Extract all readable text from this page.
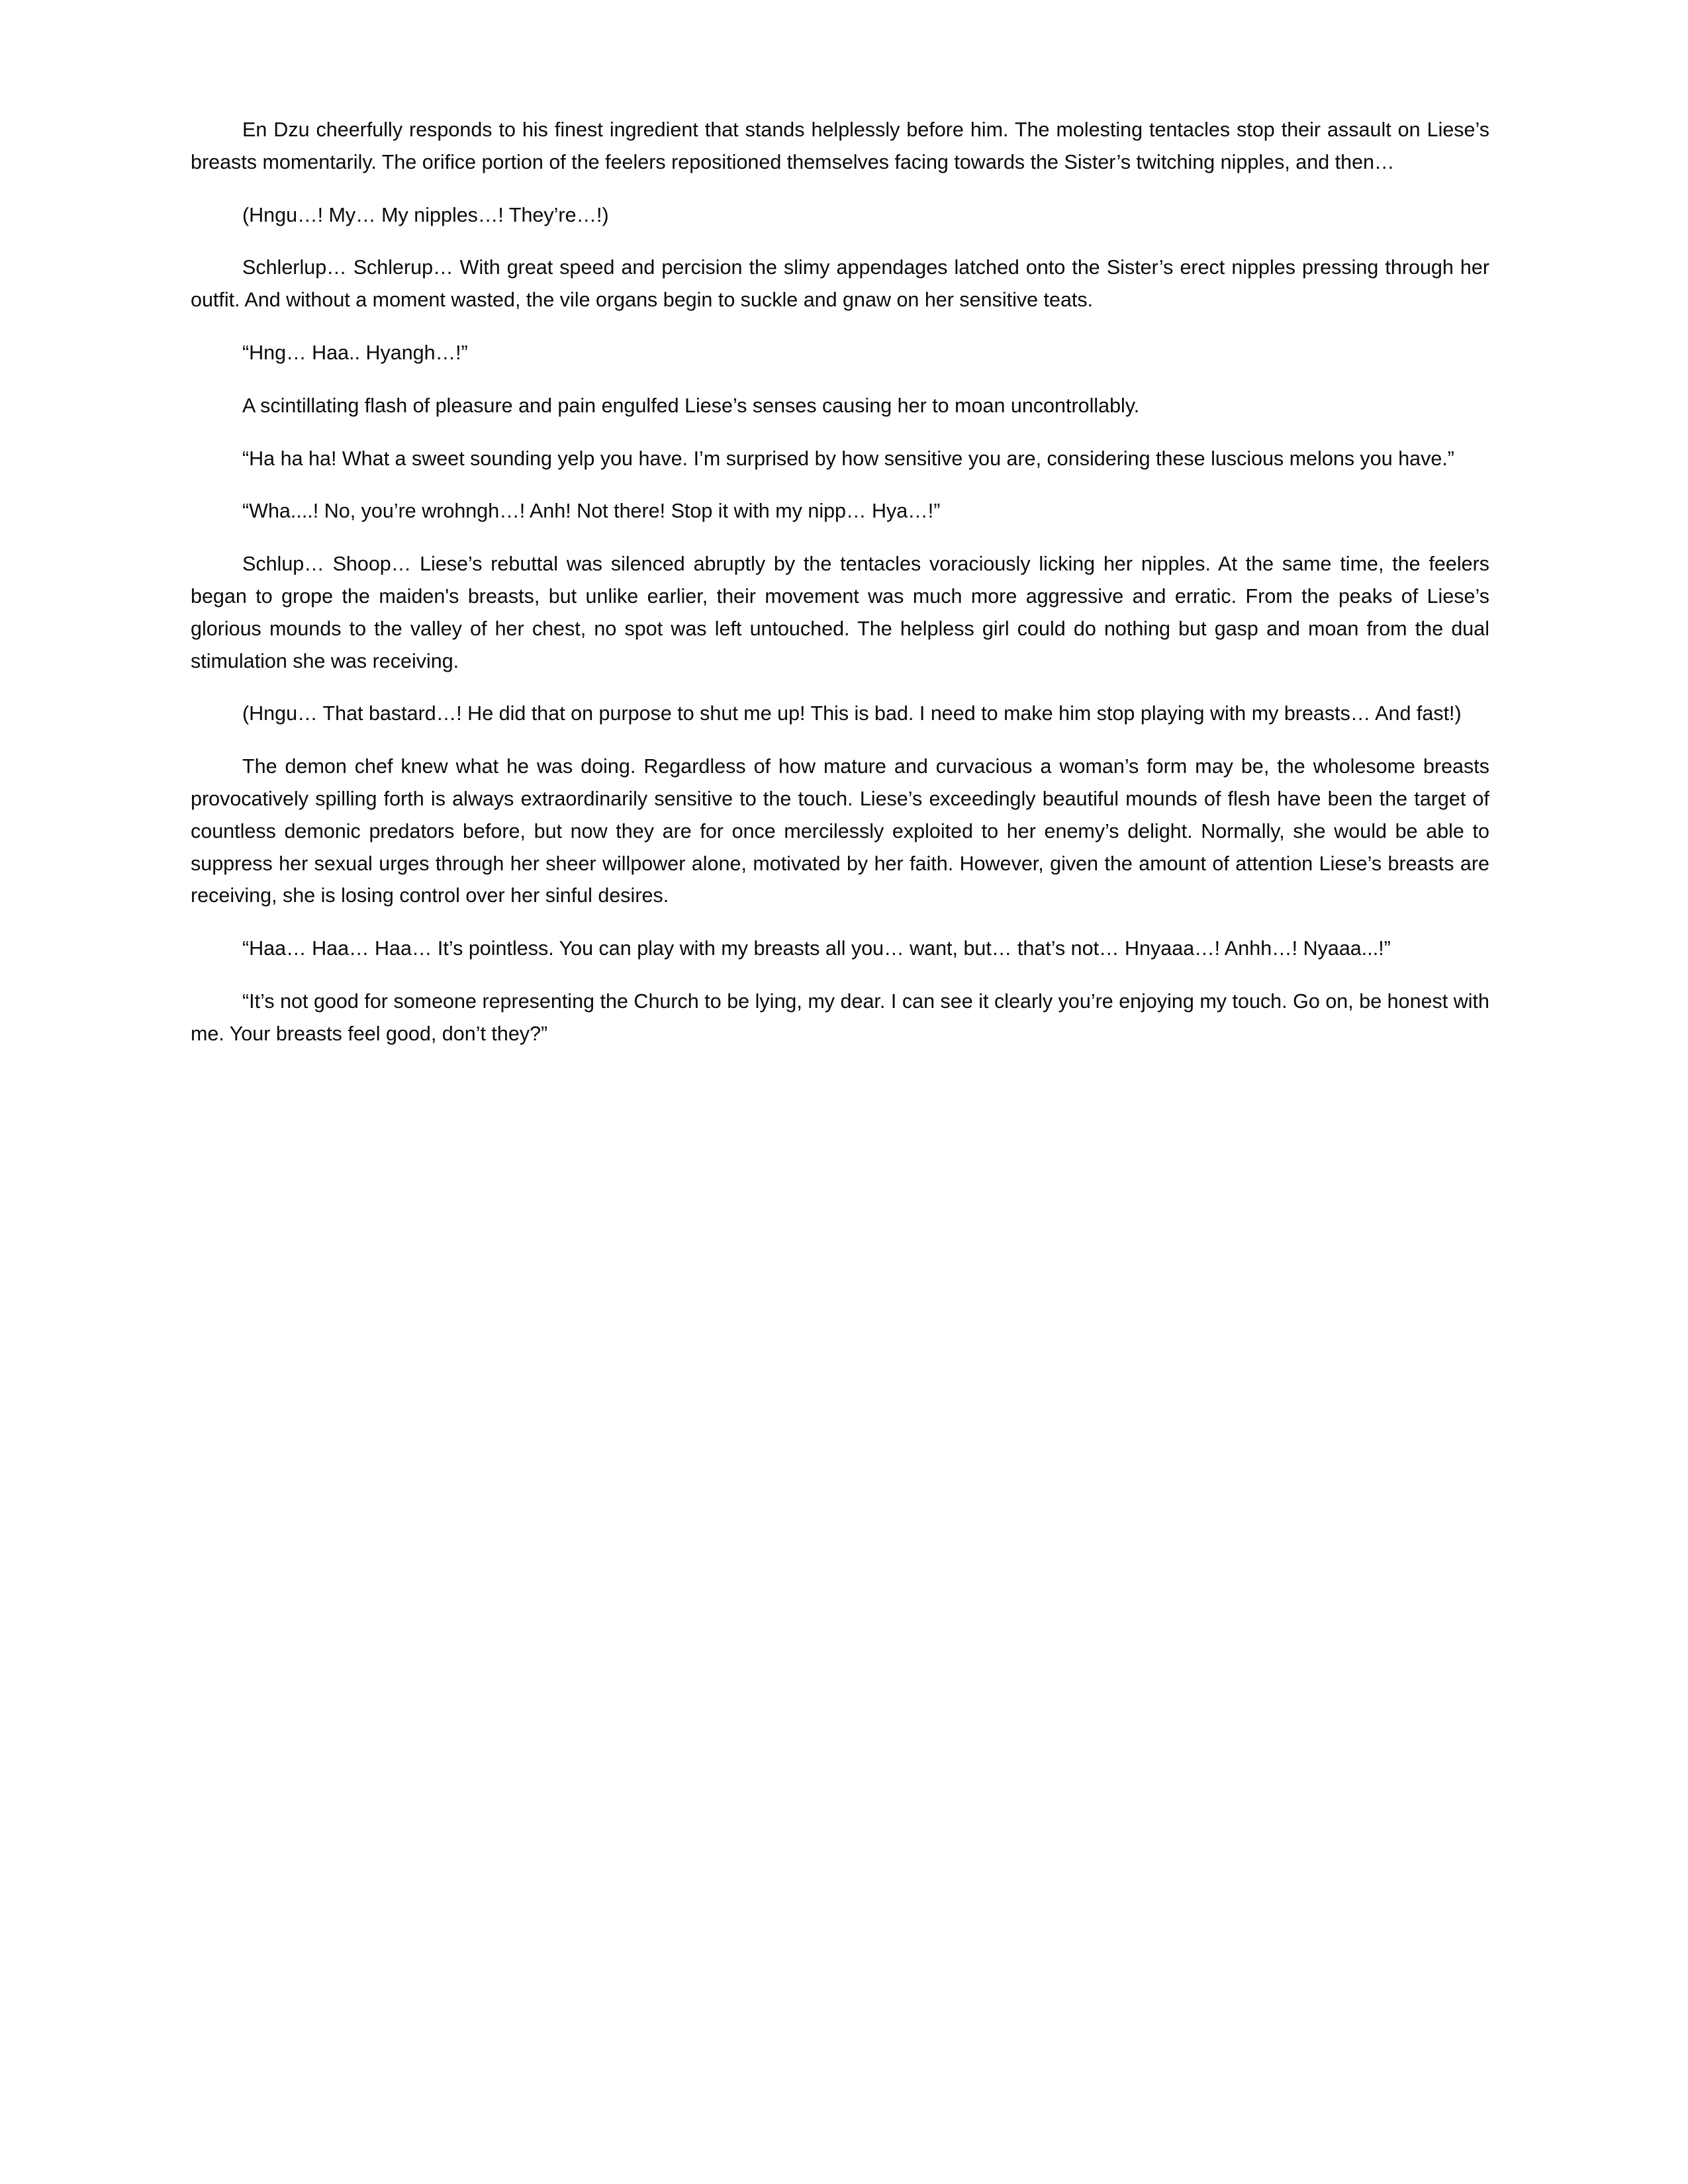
En Dzu cheerfully responds to his finest ingredient that stands helplessly before him. The molesting tentacles stop their assault on Liese’s breasts momentarily. The orifice portion of the feelers repositioned themselves facing towards the Sister’s twitching nipples, and then…

(Hngu…! My… My nipples…! They’re…!)

Schlerlup… Schlerup… With great speed and percision the slimy appendages latched onto the Sister’s erect nipples pressing through her outfit. And without a moment wasted, the vile organs begin to suckle and gnaw on her sensitive teats.

“Hng… Haa.. Hyangh…!”

A scintillating flash of pleasure and pain engulfed Liese’s senses causing her to moan uncontrollably.

“Ha ha ha! What a sweet sounding yelp you have. I’m surprised by how sensitive you are, considering these luscious melons you have.”

“Wha....! No, you’re wrohngh…! Anh! Not there! Stop it with my nipp… Hya…!”

Schlup… Shoop… Liese’s rebuttal was silenced abruptly by the tentacles voraciously licking her nipples. At the same time, the feelers began to grope the maiden's breasts, but unlike earlier, their movement was much more aggressive and erratic. From the peaks of Liese’s glorious mounds to the valley of her chest, no spot was left untouched. The helpless girl could do nothing but gasp and moan from the dual stimulation she was receiving.

(Hngu… That bastard…! He did that on purpose to shut me up! This is bad. I need to make him stop playing with my breasts… And fast!)

The demon chef knew what he was doing. Regardless of how mature and curvacious a woman’s form may be, the wholesome breasts provocatively spilling forth is always extraordinarily sensitive to the touch. Liese’s exceedingly beautiful mounds of flesh have been the target of countless demonic predators before, but now they are for once mercilessly exploited to her enemy’s delight. Normally, she would be able to suppress her sexual urges through her sheer willpower alone, motivated by her faith. However, given the amount of attention Liese’s breasts are receiving, she is losing control over her sinful desires.

“Haa… Haa… Haa… It’s pointless. You can play with my breasts all you… want, but… that’s not… Hnyaaa…! Anhh…! Nyaaa...!”

“It’s not good for someone representing the Church to be lying, my dear. I can see it clearly you’re enjoying my touch. Go on, be honest with me. Your breasts feel good, don’t they?”
